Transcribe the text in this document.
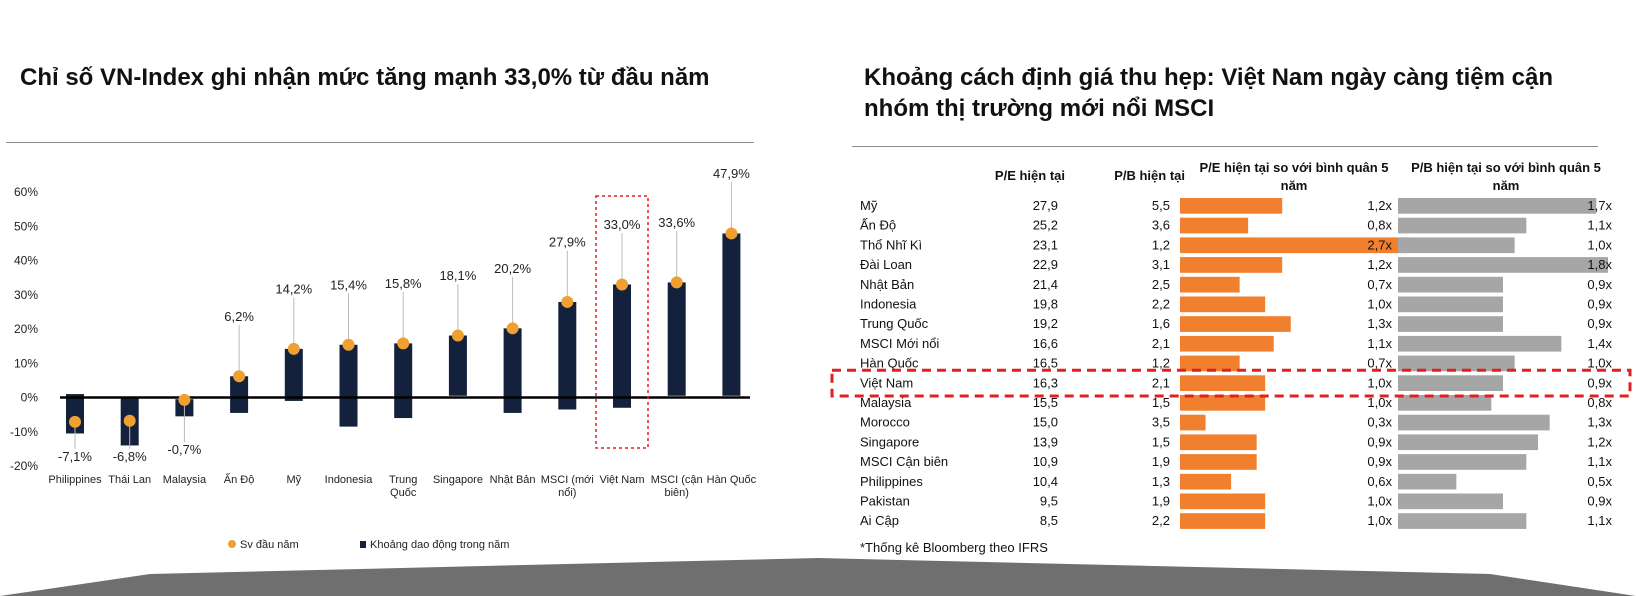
Chỉ số VN-Index ghi nhận mức tăng mạnh 33,0% từ đầu năm	Khoảng cách định giá thu hẹp: Việt Nam ngày càng tiệm cận nhóm thị trường mới nổi MSCI
-20%
-10%
0%
10%
20%
30%
40%
50%
60%
-7,1% -6,8% -0,7%
6,2%
14,2% 15,4% 15,8%
18,1% 20,2%
27,9%
33,0% 33,6%
47,9%
Philippines Thái Lan Malaysia Ấn Độ	Mỹ Indonesia Trung
Quốc
Singapore Nhật Bản MSCI (mới
nổi)
Việt Nam MSCI (cận
biên)
Hàn Quốc
Sv đầu năm	Khoảng dao động trong năm
P/E hiện tại	P/B hiện tại
P/E hiện tại so với bình quân 5
năm
P/B hiện tại so với bình quân 5
năm
Mỹ	27,9	5,5	1,2x	1,7x
Ấn Độ	25,2	3,6	0,8x	1,1x
Thổ Nhĩ Kì	23,1	1,2	2,7x	1,0x
Đài Loan	22,9	3,1	1,2x	1,8x
Nhật Bản	21,4	2,5	0,7x	0,9x
Indonesia	19,8	2,2	1,0x	0,9x
Trung Quốc	19,2	1,6	1,3x	0,9x
MSCI Mới nổi	16,6	2,1	1,1x	1,4x
Hàn Quốc	16,5	1,2	0,7x	1,0x
Việt Nam	16,3	2,1	1,0x	0,9x
Malaysia	15,5	1,5	1,0x	0,8x
Morocco	15,0	3,5	0,3x	1,3x
Singapore	13,9	1,5	0,9x	1,2x
MSCI Cận biên	10,9	1,9	0,9x	1,1x
Philippines	10,4	1,3	0,6x	0,5x
Pakistan	9,5	1,9	1,0x	0,9x
Ai Cập	8,5	2,2	1,0x	1,1x
*Thống kê Bloomberg theo IFRS
